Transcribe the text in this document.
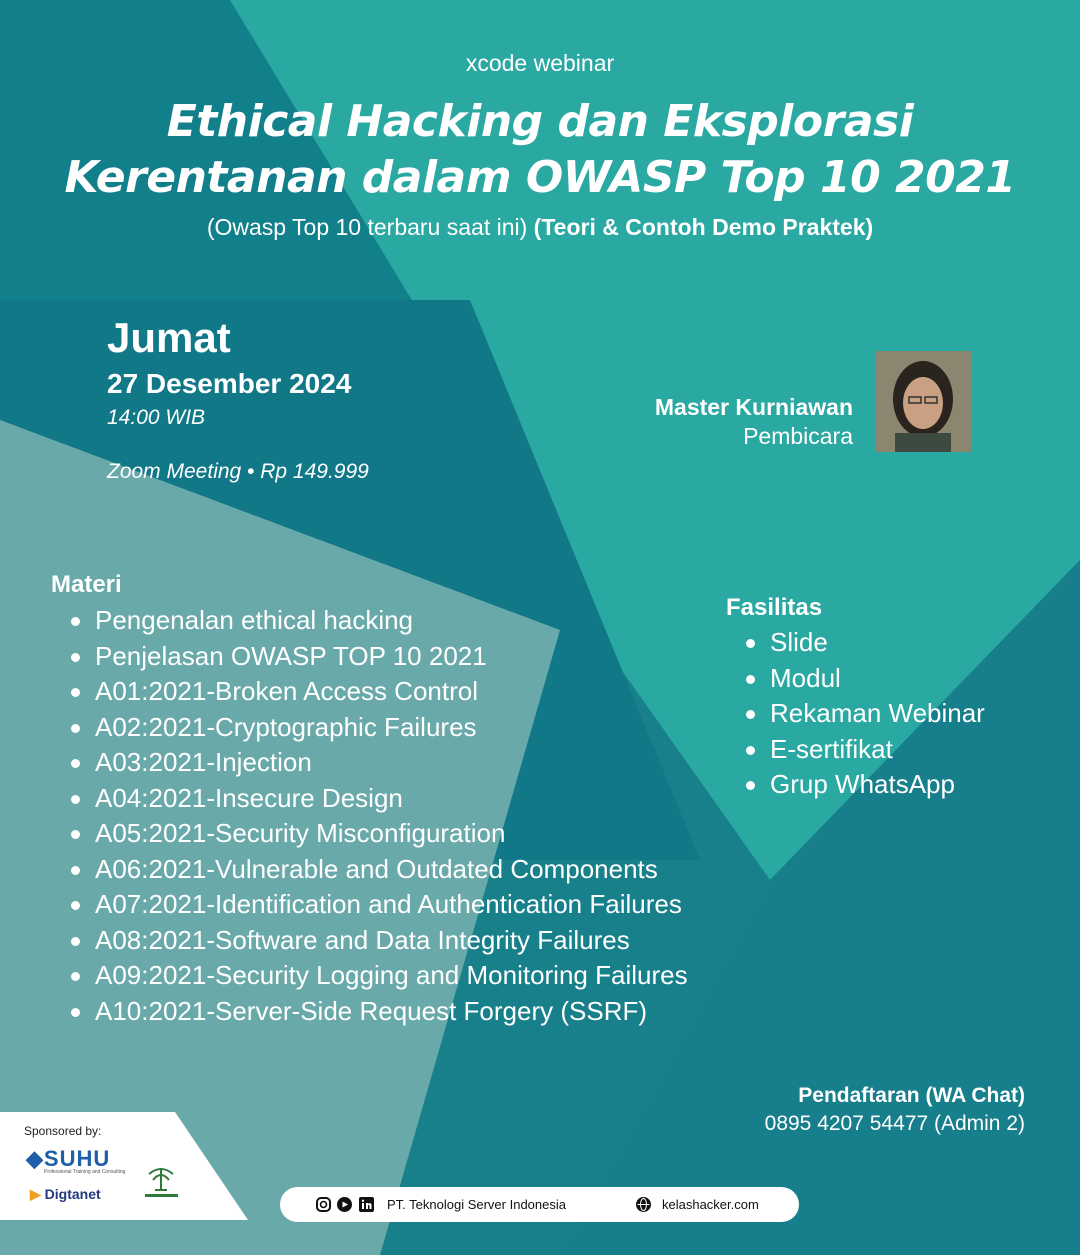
xcode webinar
Ethical Hacking dan Eksplorasi
Kerentanan dalam OWASP Top 10 2021
(Owasp Top 10 terbaru saat ini) (Teori & Contoh Demo Praktek)
Jumat
27 Desember 2024
14:00 WIB
Zoom Meeting • Rp 149.999
Master Kurniawan
Pembicara
Materi
Pengenalan ethical hacking
Penjelasan OWASP TOP 10 2021
A01:2021-Broken Access Control
A02:2021-Cryptographic Failures
A03:2021-Injection
A04:2021-Insecure Design
A05:2021-Security Misconfiguration
A06:2021-Vulnerable and Outdated Components
A07:2021-Identification and Authentication Failures
A08:2021-Software and Data Integrity Failures
A09:2021-Security Logging and Monitoring Failures
A10:2021-Server-Side Request Forgery (SSRF)
Fasilitas
Slide
Modul
Rekaman Webinar
E-sertifikat
Grup WhatsApp
Pendaftaran (WA Chat)
0895 4207 54477 (Admin 2)
Sponsored by:
◆SUHU
Professional Training and Consulting
▶ Digtanet
PT. Teknologi Server Indonesia	kelashacker.com
